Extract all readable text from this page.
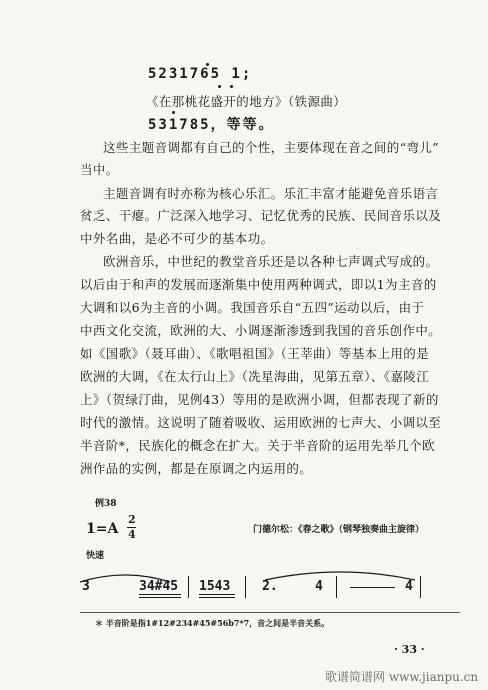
5231765 1;
《在那桃花盛开的地方》（铁源曲）
531785，等等。
这些主题音调都有自己的个性，主要体现在音之间的“弯儿”
当中。
主题音调有时亦称为核心乐汇。乐汇丰富才能避免音乐语言
贫乏、干瘪。广泛深入地学习、记忆优秀的民族、民间音乐以及
中外名曲，是必不可少的基本功。
欧洲音乐，中世纪的教堂音乐还是以各种七声调式写成的。
以后由于和声的发展而逐渐集中使用两种调式，即以1为主音的
大调和以6为主音的小调。我国音乐自“五四”运动以后，由于
中西文化交流，欧洲的大、小调逐渐渗透到我国的音乐创作中。
如《国歌》（聂耳曲）、《歌唱祖国》（王莘曲）等基本上用的是
欧洲的大调，《在太行山上》（冼星海曲，见第五章）、《嘉陵江
上》（贺绿汀曲，见例43）等用的是欧洲小调，但都表现了新的
时代的激情。这说明了随着吸收、运用欧洲的七声大、小调以至
半音阶*，民族化的概念在扩大。关于半音阶的运用先举几个欧
洲作品的实例，都是在原调之内运用的。
例38
1=A
2
4	门德尔松：《春之歌》（钢琴独奏曲主旋律）
快速
3	34#45 1543 2.	4	4
＊ 半音阶是指1#12#234#45#56b7*7，音之间是半音关系。
· 33 ·
歌谱简谱网 www.jianpu.cn
